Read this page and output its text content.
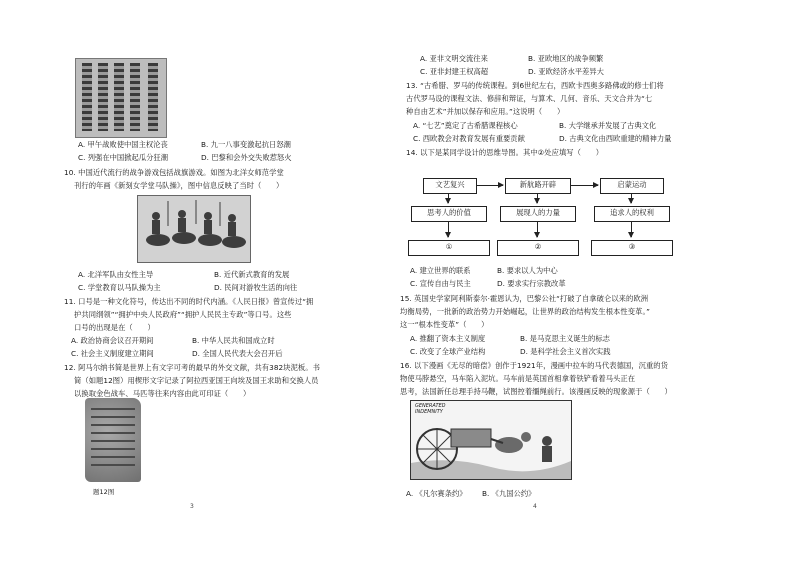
A. 甲午战败使中国主权沦丧	B. 九一八事变激起抗日怒潮
C. 列强在中国掀起瓜分狂潮	D. 巴黎和会外交失败惹怒火
10. 中国近代流行的战争游戏包括战旗游戏。如图为北洋女师范学堂
刊行的年画《新刻女学堂马队操》，图中信息反映了当时（　　）
A. 北洋军队由女性主导	B. 近代新式教育的发展
C. 学堂教育以马队操为主	D. 民间对游牧生活的向往
11. 口号是一种文化符号，传达出不同的时代内涵。《人民日报》曾宣传过“拥
护共同纲领”“拥护中央人民政府”“拥护人民民主专政”等口号。这些
口号的出现是在（　　）
A. 政治协商会议召开期间	B. 中华人民共和国成立时
C. 社会主义制度建立期间	D. 全国人民代表大会召开后
12. 阿马尔纳书简是世界上有文字可考的最早的外交文献，共有382块泥板。书
简（如题12图）用楔形文字记录了阿拉西亚国王向埃及国王求助和交换人员
以换取金色战车、马匹等往来内容由此可印证（　　）
题12图
3
A. 亚非文明交流往来	B. 亚欧地区的战争频繁
C. 亚非封建王权高超	D. 亚欧经济水平差异大
13. “古希腊、罗马的传统课程。到6世纪左右，西欧卡西奥多路佛或的修士们将
古代罗马设的课程文法、修辞和辩证，与算术、几何、音乐、天文合并为“七
种自由艺术”并加以保存和应用。”这说明（　　）
A. “七艺”奠定了古希腊课程核心	B. 大学继承并发展了古典文化
C. 西欧教会对教育发展有重要贡献	D. 古典文化由西欧重建的精神力量
14. 以下是某同学设计的思维导图。其中②处应填写（　　）
文艺复兴	新航路开辟	启蒙运动
思考人的价值	展现人的力量	追求人的权利
①	②	③
A. 建立世界的联系	B. 要求以人为中心
C. 宣传自由与民主	D. 要求实行宗教改革
15. 英国史学家阿利斯泰尔·霍恩认为，巴黎公社“打破了自拿破仑以来的欧洲
均衡局势，一批新的政治势力开始崛起，让世界的政治结构发生根本性变革。”
这一“根本性变革”（　　）
A. 推翻了资本主义制度	B. 是马克思主义诞生的标志
C. 改变了全球产业结构	D. 是科学社会主义首次实践
16. 以下漫画《无尽的暗偿》创作于1921年，漫画中拉车的马代表德国，沉重的货
物使马脖悬空，马车陷入泥坑。马车前是英国首相拿着铁铲看着马头正在
思考，法国新任总理手持马鞭，试图控着缰绳前行。该漫画反映的现象源于（　　）
GENERATED
INDEMNITY
A. 《凡尔赛条约》 B. 《九国公约》
4
